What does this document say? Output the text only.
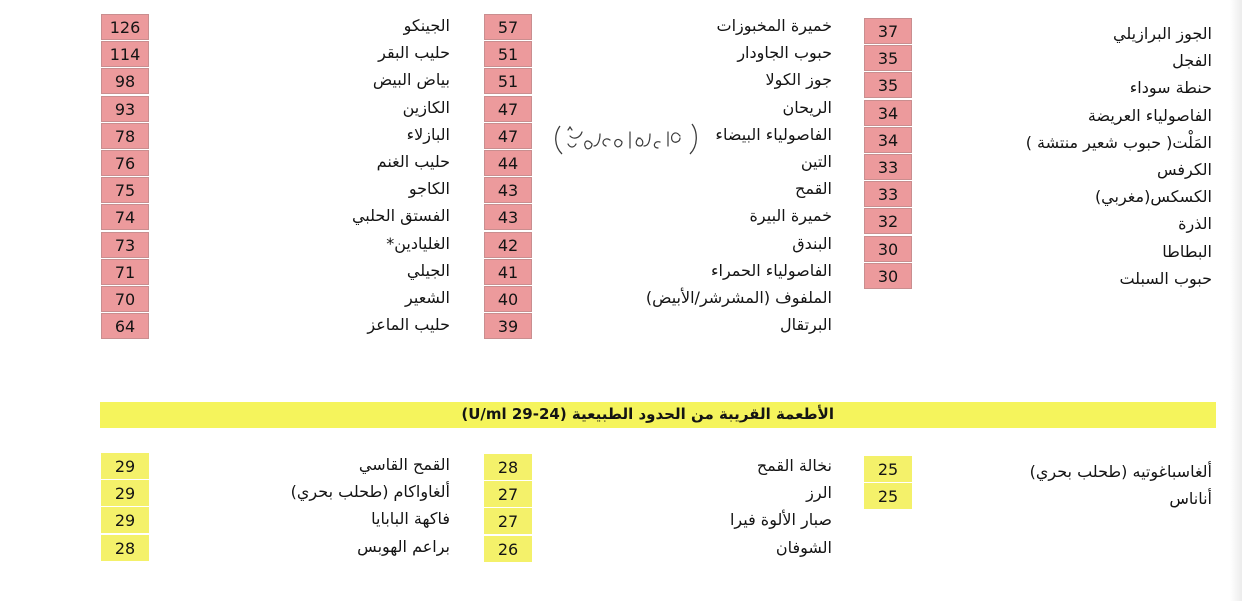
الجوز البرازيلي
37
الفجل
35
حنطة سوداء
35
الفاصولياء العريضة
34
المَلْت( حبوب شعير منتشة )
34
الكرفس
33
الكسكس(مغربي)
33
الذرة
32
البطاطا
30
حبوب السبلت
30
خميرة المخبوزات
57
حبوب الجاودار
51
جوز الكولا
51
الريحان
47
الفاصولياء البيضاء
47
التين
44
القمح
43
خميرة البيرة
43
البندق
42
الفاصولياء الحمراء
41
الملفوف (المشرشر/الأبيض)
40
البرتقال
39
الجينكو
126
حليب البقر
114
بياض البيض
98
الكازين
93
البازلاء
78
حليب الغنم
76
الكاجو
75
الفستق الحلبي
74
الغليادين*
73
الجيلي
71
الشعير
70
حليب الماعز
64
الأطعمة القريبة من الحدود الطبيعية (U/ml 29-24)
ألغاسباغوتيه (طحلب بحري)
25
أناناس
25
نخالة القمح
28
الرز
27
صبار الألوة فيرا
27
الشوفان
26
القمح القاسي
29
ألغاواكام (طحلب بحري)
29
فاكهة البابايا
29
براعم الهوبس
28
